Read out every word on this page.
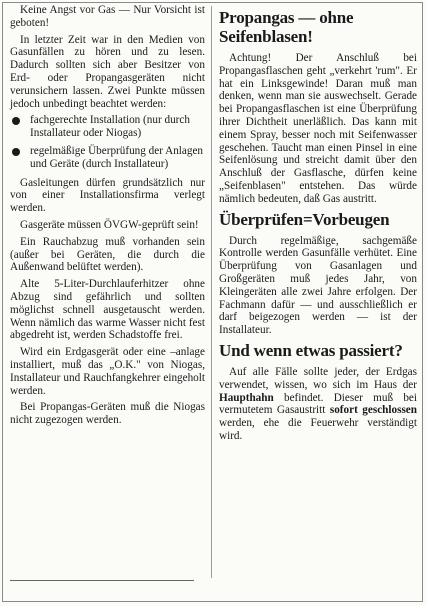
Keine Angst vor Gas — Nur Vorsicht ist geboten!

In letzter Zeit war in den Medien von Gasunfällen zu hören und zu lesen. Dadurch sollten sich aber Besitzer von Erd- oder Propangasgeräten nicht verunsichern lassen. Zwei Punkte müssen jedoch unbedingt beachtet werden:

fachgerechte Installation (nur durch Installateur oder Niogas)
regelmäßige Überprüfung der Anlagen und Geräte (durch Installateur)

Gasleitungen dürfen grundsätzlich nur von einer Installationsfirma verlegt werden.

Gasgeräte müssen ÖVGW-geprüft sein!

Ein Rauchabzug muß vorhanden sein (außer bei Geräten, die durch die Außenwand belüftet werden).

Alte 5-Liter-Durchlauferhitzer ohne Abzug sind gefährlich und sollten möglichst schnell ausgetauscht werden. Wenn nämlich das warme Wasser nicht fest abgedreht ist, werden Schadstoffe frei.

Wird ein Erdgasgerät oder eine –anlage installiert, muß das „O.K." von Niogas, Installateur und Rauchfangkehrer eingeholt werden.

Bei Propangas-Geräten muß die Niogas nicht zugezogen werden.

Propangas — ohne Seifenblasen!

Achtung! Der Anschluß bei Propangasflaschen geht „verkehrt 'rum". Er hat ein Linksgewinde! Daran muß man denken, wenn man sie auswechselt. Gerade bei Propangasflaschen ist eine Überprüfung ihrer Dichtheit unerläßlich. Das kann mit einem Spray, besser noch mit Seifenwasser geschehen. Taucht man einen Pinsel in eine Seifenlösung und streicht damit über den Anschluß der Gasflasche, dürfen keine „Seifenblasen" entstehen. Das würde nämlich bedeuten, daß Gas austritt.

Überprüfen=Vorbeugen

Durch regelmäßige, sachgemäße Kontrolle werden Gasunfälle verhütet. Eine Überprüfung von Gasanlagen und Großgeräten muß jedes Jahr, von Kleingeräten alle zwei Jahre erfolgen. Der Fachmann dafür — und ausschließlich er darf beigezogen werden — ist der Installateur.

Und wenn etwas passiert?

Auf alle Fälle sollte jeder, der Erdgas verwendet, wissen, wo sich im Haus der Haupthahn befindet. Dieser muß bei vermutetem Gasaustritt sofort geschlossen werden, ehe die Feuerwehr verständigt wird.
